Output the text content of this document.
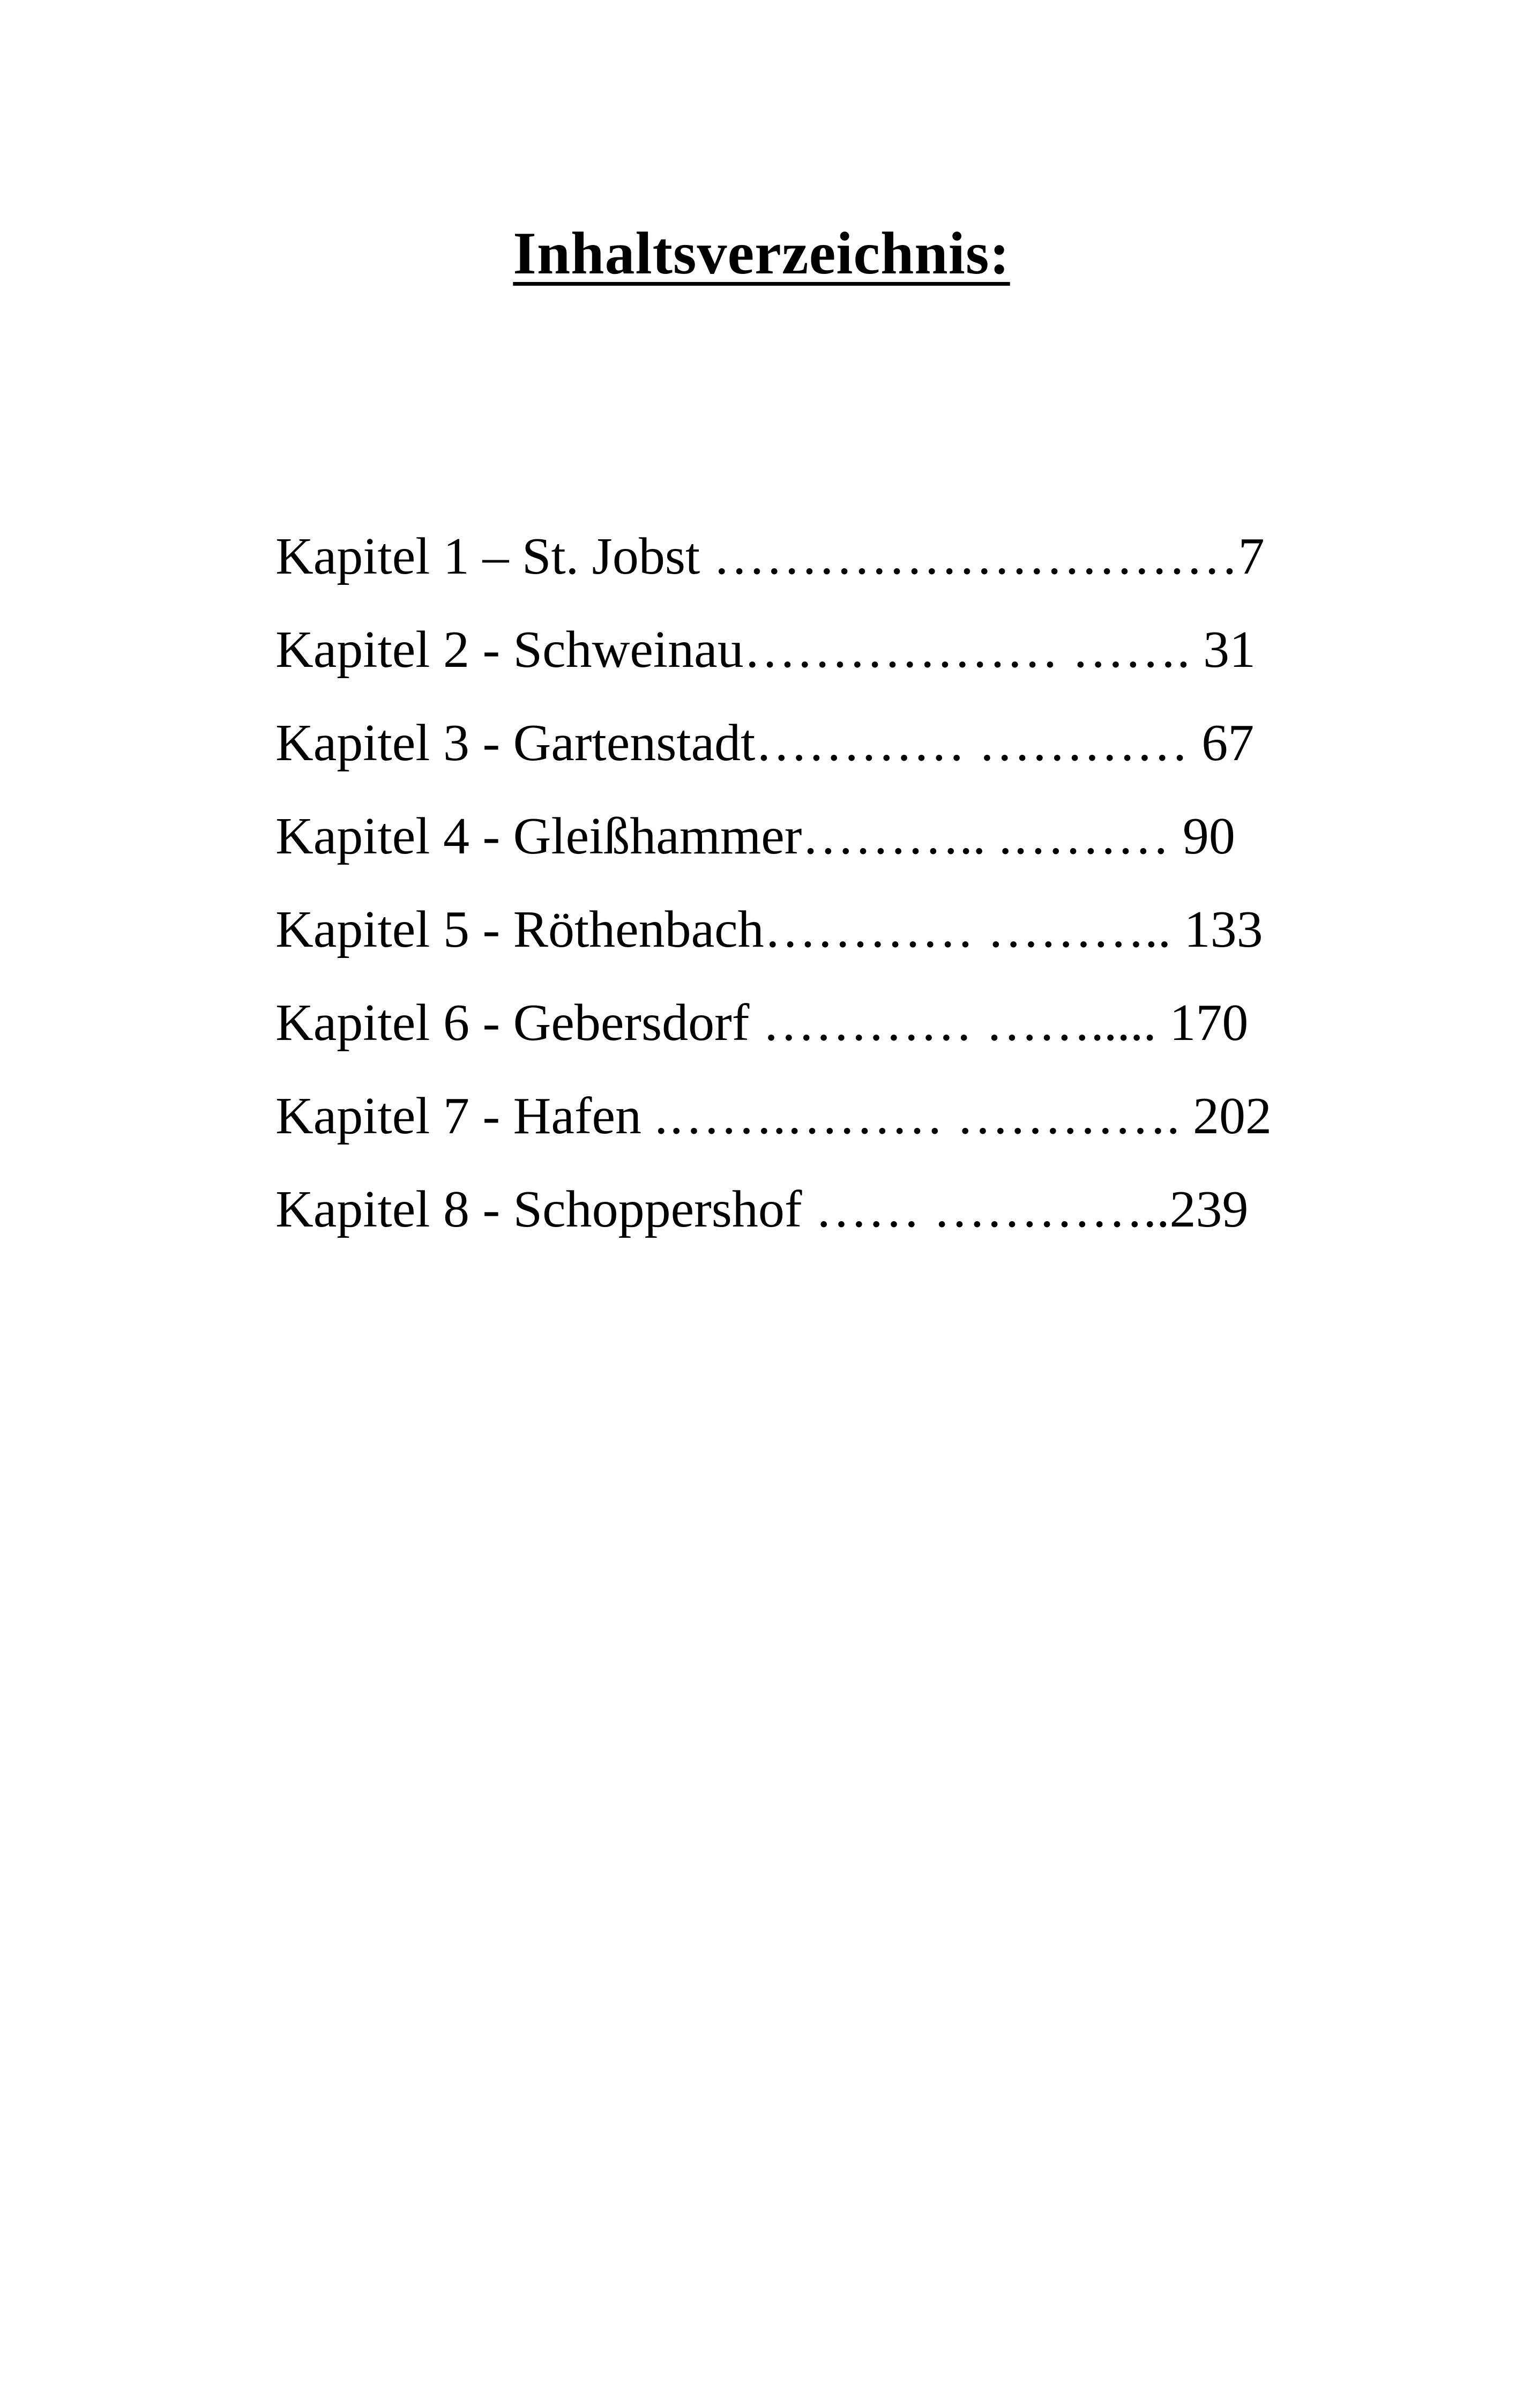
Inhaltsverzeichnis:
Kapitel 1 – St. Jobst …………………………7
Kapitel 2 - Schweinau……………… ……. 31
Kapitel 3 - Gartenstadt………… ………… 67
Kapitel 4 - Gleißhammer……….. .……… 90
Kapitel 5 - Röthenbach………… ……….. 133
Kapitel 6 - Gebersdorf ………… ……..... 170
Kapitel 7 - Hafen .…….……… …………. 202
Kapitel 8 - Schoppershof …… …………..239
